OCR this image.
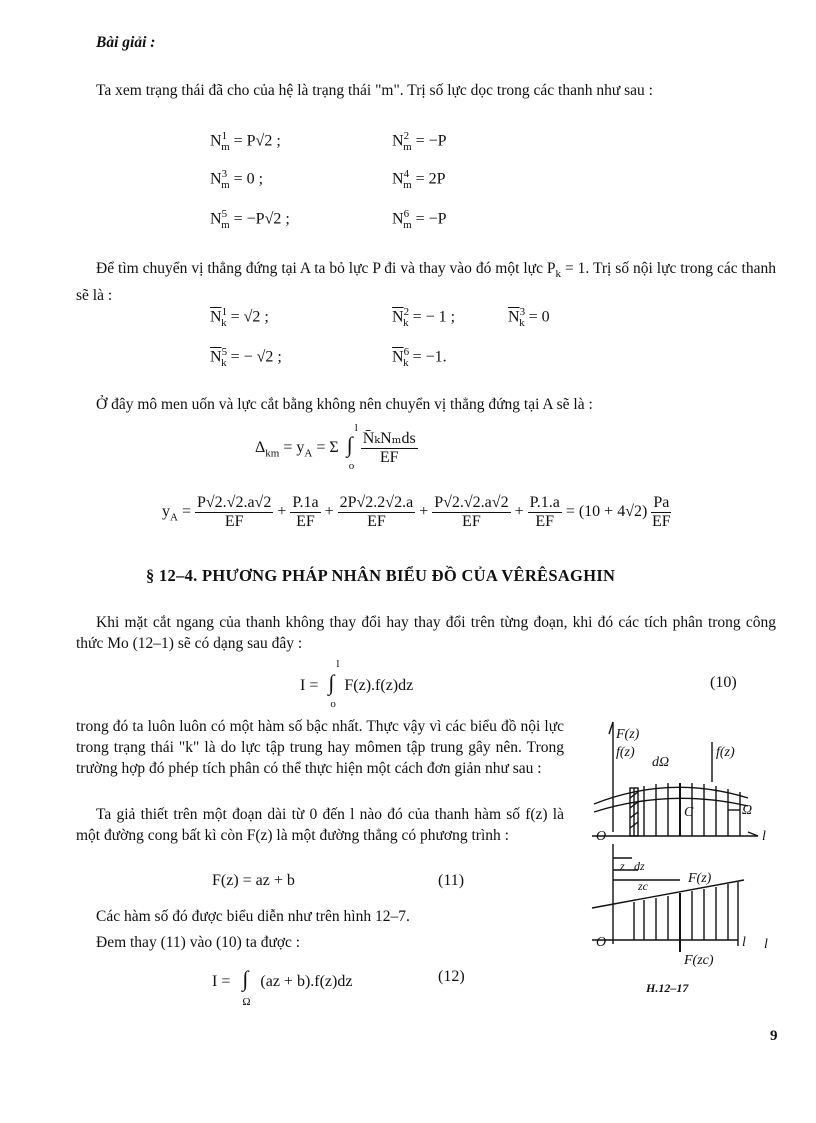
Bài giải :
Ta xem trạng thái đã cho của hệ là trạng thái "m". Trị số lực dọc trong các thanh như sau :
$N^1_m = P√2$ ;	$N^2_m = -P$
$N^3_m = 0$ ;	$N^4_m = 2P$
$N^5_m = -P√2$ ;	$N^6_m = -P$
Để tìm chuyển vị thẳng đứng tại A ta bỏ lực P đi và thay vào đó một lực $P_k = 1$. Trị số nội lực trong các thanh sẽ là :
$\overline{N}^1_k = √2$ ;	$\overline{N}^2_k$ = − 1 ;	$\overline{N}^3_k = 0$
$\overline{N}^5_k$ = − √2 ;	$\overline{N}^6_k = -1$.
Ở đây mô men uốn và lực cắt bằng không nên chuyển vị thẳng đứng tại A sẽ là :
$\Delta_{km} = y_A = \Sigma$ ∫
l
o
$\frac{\text{N̄ₖNₘds}}{EF}$
$y_A = \frac{P√2.√2.a√2}{EF} + \frac{P.1a}{EF} + \frac{2P√2.2√2.a}{EF} + \frac{P√2.√2.a√2}{EF} + \frac{P.1.a}{EF} = (10 + 4√2) \frac{Pa}{EF}$
§ 12–4. PHƯƠNG PHÁP NHÂN BIỂU ĐỒ CỦA VÊRÊSAGHIN
Khi mặt cắt ngang của thanh không thay đổi hay thay đổi trên từng đoạn, khi đó các tích phân trong công thức Mo (12–1) sẽ có dạng sau đây :
I = ∫
l
o
F(z).f(z)dz	(10)
trong đó ta luôn luôn có một hàm số bậc nhất. Thực vậy vì các biểu đồ nội lực trong trạng thái "k" là do lực tập trung hay mômen tập trung gây nên. Trong trường hợp đó phép tích phân có thể thực hiện một cách đơn giản như sau :
Ta giả thiết trên một đoạn dài từ 0 đến l nào đó của thanh hàm số f(z) là một đường cong bất kì còn F(z) là một đường thẳng có phương trình :
F(z) = az + b	(11)
Các hàm số đó được biểu diễn như trên hình 12–7.
Đem thay (11) vào (10) ta được :
I = ∫
Ω
(az + b).f(z)dz	(12)
F(z)
f(z)
dΩ
f(z)
C	Ω
O	l
z dz
zc	F(z)
O	l l
F(zc)
H.12–17
9
